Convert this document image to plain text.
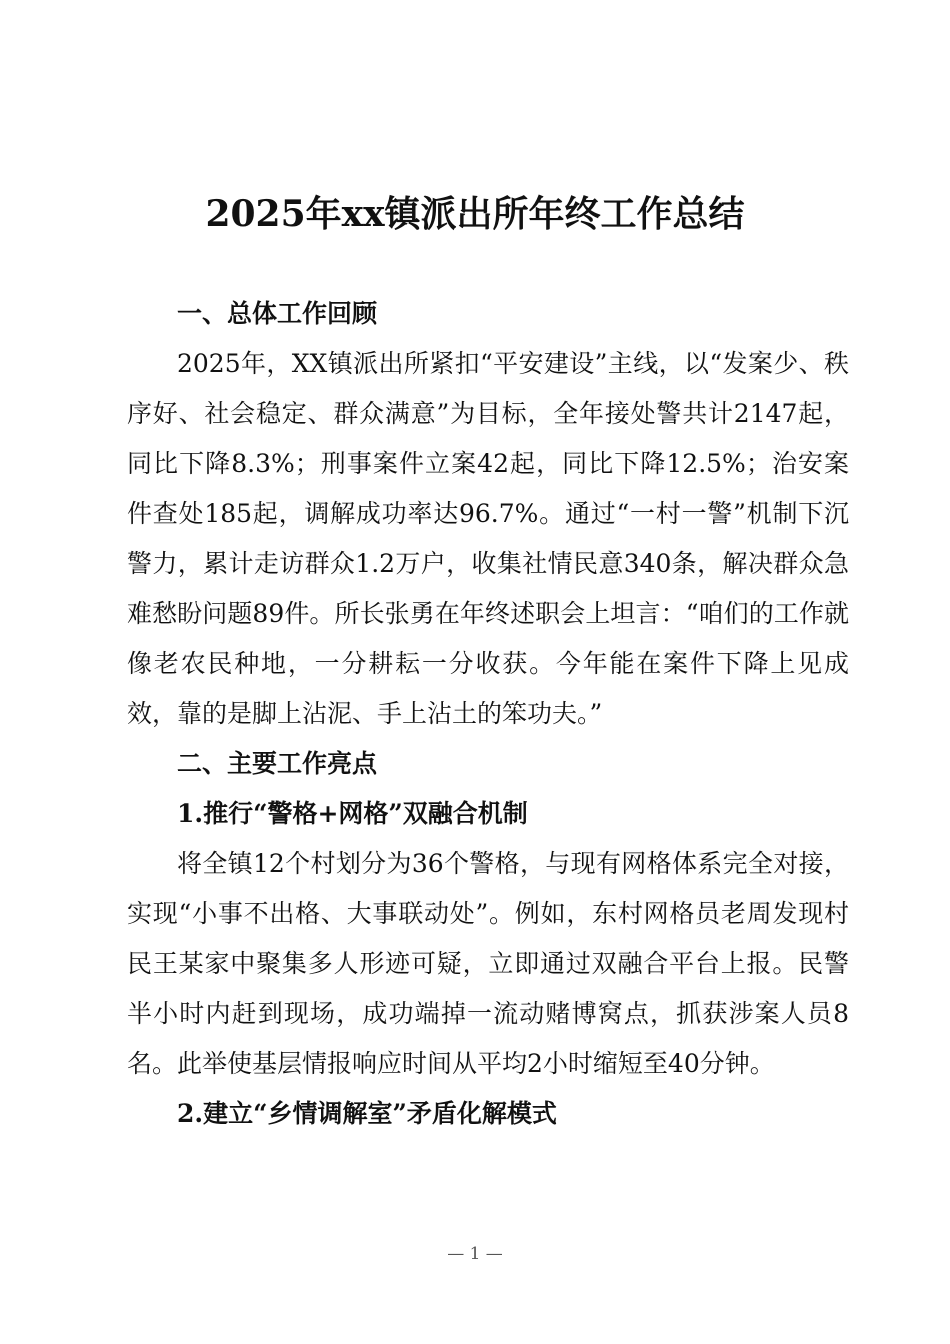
2025年xx镇派出所年终工作总结
一、总体工作回顾

2025年，XX镇派出所紧扣“平安建设”主线，以“发案少、秩序好、社会稳定、群众满意”为目标，全年接处警共计2147起，同比下降8.3%；刑事案件立案42起，同比下降12.5%；治安案件查处185起，调解成功率达96.7%。通过“一村一警”机制下沉警力，累计走访群众1.2万户，收集社情民意340条，解决群众急难愁盼问题89件。所长张勇在年终述职会上坦言：“咱们的工作就像老农民种地，一分耕耘一分收获。今年能在案件下降上见成效，靠的是脚上沾泥、手上沾土的笨功夫。”

二、主要工作亮点
1.推行“警格+网格”双融合机制

将全镇12个村划分为36个警格，与现有网格体系完全对接，实现“小事不出格、大事联动处”。例如，东村网格员老周发现村民王某家中聚集多人形迹可疑，立即通过双融合平台上报。民警半小时内赶到现场，成功端掉一流动赌博窝点，抓获涉案人员8名。此举使基层情报响应时间从平均2小时缩短至40分钟。

2.建立“乡情调解室”矛盾化解模式
— 1 —
